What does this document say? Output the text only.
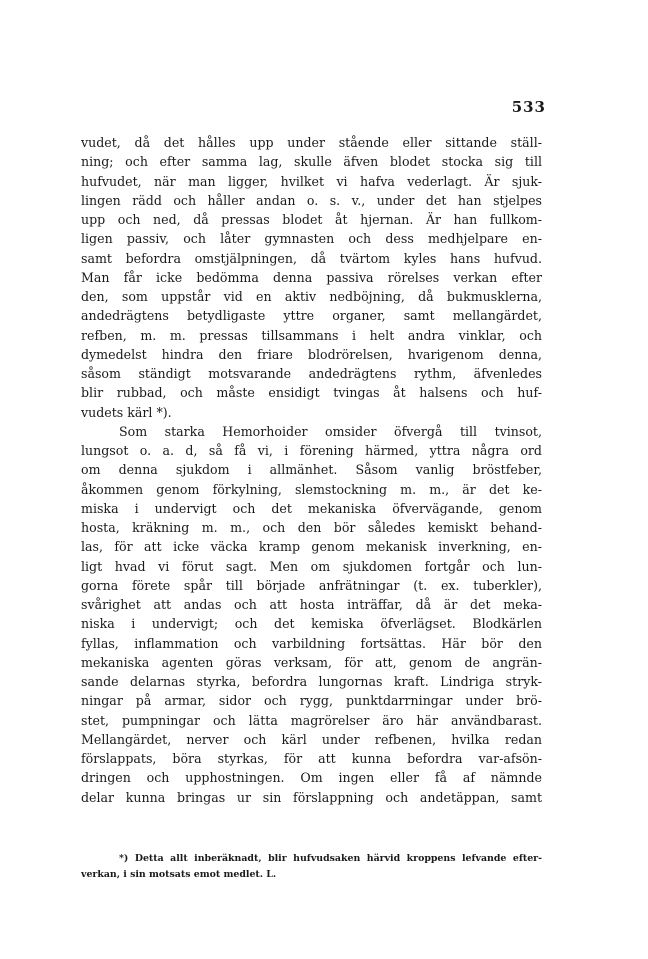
533
vudet, då det hålles upp under stående eller sittande ställ-
ning; och efter samma lag, skulle äfven blodet stocka sig till
hufvudet, när man ligger, hvilket vi hafva vederlagt. Är sjuk-
lingen rädd och håller andan o. s. v., under det han stjelpes
upp och ned, då pressas blodet åt hjernan. Är han fullkom-
ligen passiv, och låter gymnasten och dess medhjelpare en-
samt befordra omstjälpningen, då tvärtom kyles hans hufvud.
Man får icke bedömma denna passiva rörelses verkan efter
den, som uppstår vid en aktiv nedböjning, då bukmusklerna,
andedrägtens betydligaste yttre organer, samt mellangärdet,
refben, m. m. pressas tillsammans i helt andra vinklar, och
dymedelst hindra den friare blodrörelsen, hvarigenom denna,
såsom ständigt motsvarande andedrägtens rythm, äfvenledes
blir rubbad, och måste ensidigt tvingas åt halsens och huf-
vudets kärl *).
Som starka Hemorhoider omsider öfvergå till tvinsot,
lungsot o. a. d, så få vi, i förening härmed, yttra några ord
om denna sjukdom i allmänhet. Såsom vanlig bröstfeber,
åkommen genom förkylning, slemstockning m. m., är det ke-
miska i undervigt och det mekaniska öfvervägande, genom
hosta, kräkning m. m., och den bör således kemiskt behand-
las, för att icke väcka kramp genom mekanisk inverkning, en-
ligt hvad vi förut sagt. Men om sjukdomen fortgår och lun-
gorna förete spår till började anfrätningar (t. ex. tuberkler),
svårighet att andas och att hosta inträffar, då är det meka-
niska i undervigt; och det kemiska öfverlägset. Blodkärlen
fyllas, inflammation och varbildning fortsättas. Här bör den
mekaniska agenten göras verksam, för att, genom de angrän-
sande delarnas styrka, befordra lungornas kraft. Lindriga stryk-
ningar på armar, sidor och rygg, punktdarrningar under brö-
stet, pumpningar och lätta magrörelser äro här användbarast.
Mellangärdet, nerver och kärl under refbenen, hvilka redan
förslappats, böra styrkas, för att kunna befordra var-afsön-
dringen och upphostningen. Om ingen eller få af nämnde
delar kunna bringas ur sin förslappning och andetäppan, samt
*) Detta allt inberäknadt, blir hufvudsaken härvid kroppens lefvande efter-
verkan, i sin motsats emot medlet. L.
